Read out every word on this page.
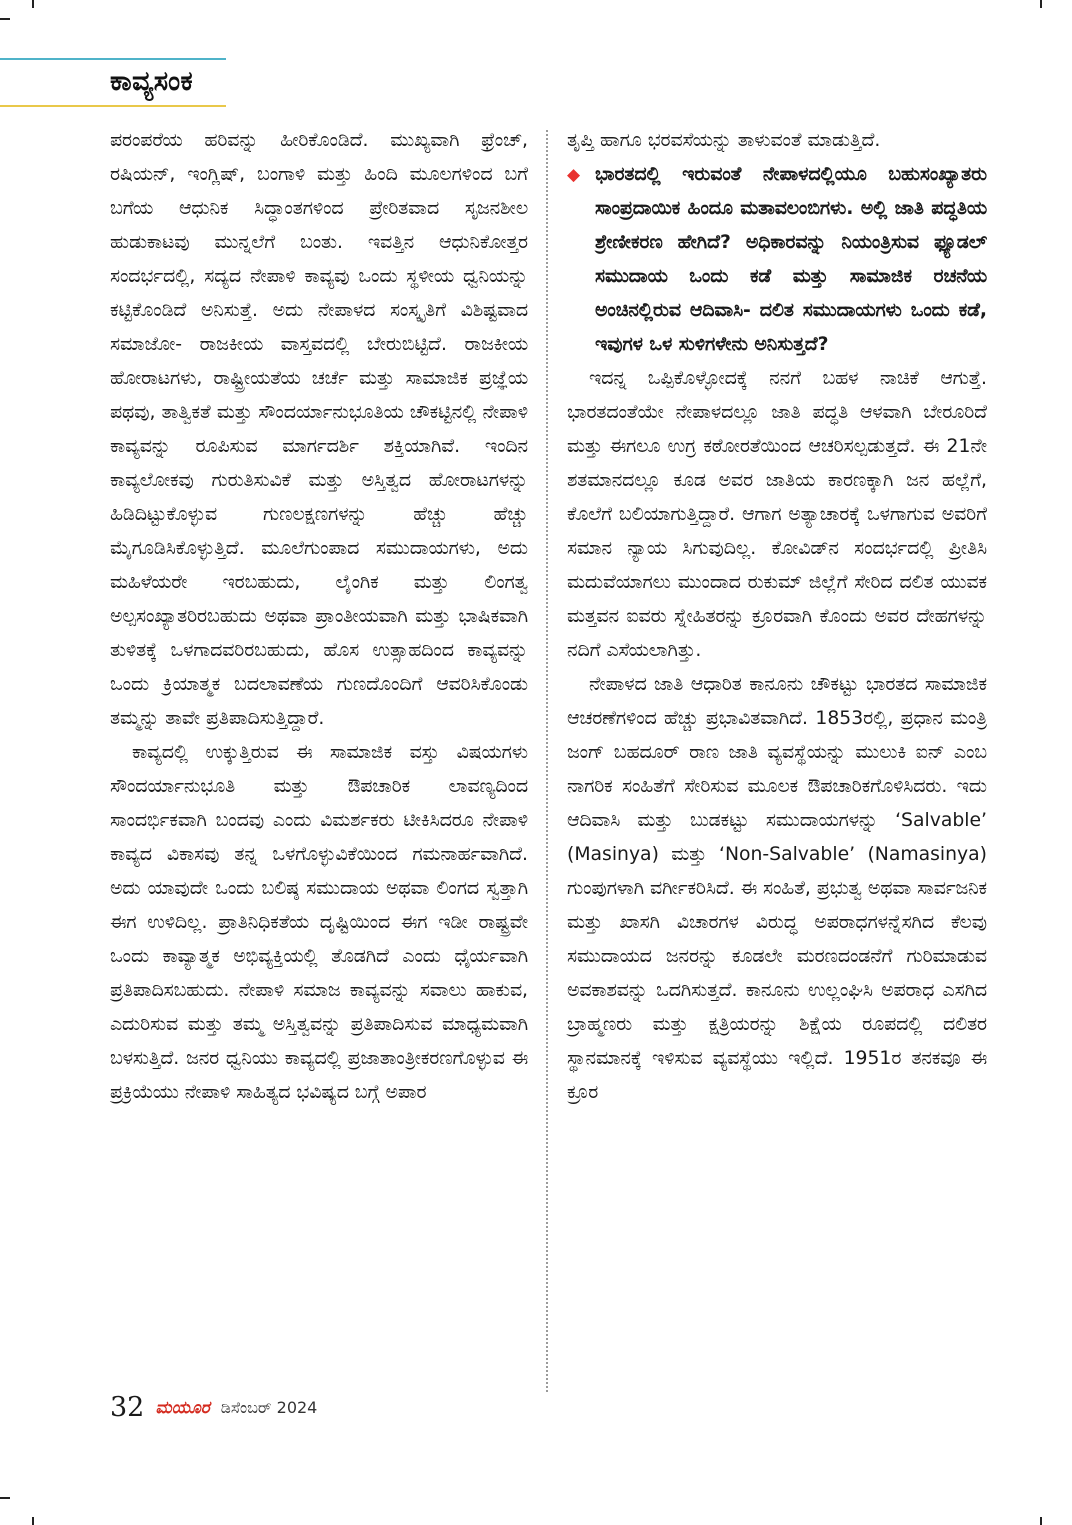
ಕಾವ್ಯಸಂಕ

ಪರಂಪರೆಯ ಹರಿವನ್ನು ಹೀರಿಕೊಂಡಿದೆ. ಮುಖ್ಯವಾಗಿ ಫ್ರೆಂಚ್, ರಷಿಯನ್, ಇಂಗ್ಲಿಷ್, ಬಂಗಾಳಿ ಮತ್ತು ಹಿಂದಿ ಮೂಲಗಳಿಂದ ಬಗೆ ಬಗೆಯ ಆಧುನಿಕ ಸಿದ್ಧಾಂತಗಳಿಂದ ಪ್ರೇರಿತವಾದ ಸೃಜನಶೀಲ ಹುಡುಕಾಟವು ಮುನ್ನಲೆಗೆ ಬಂತು. ಇವತ್ತಿನ ಆಧುನಿಕೋತ್ತರ ಸಂದರ್ಭದಲ್ಲಿ, ಸದ್ಯದ ನೇಪಾಳಿ ಕಾವ್ಯವು ಒಂದು ಸ್ಥಳೀಯ ಧ್ವನಿಯನ್ನು ಕಟ್ಟಿಕೊಂಡಿದೆ ಅನಿಸುತ್ತೆ. ಅದು ನೇಪಾಳದ ಸಂಸ್ಕೃತಿಗೆ ವಿಶಿಷ್ಟವಾದ ಸಮಾಜೋ- ರಾಜಕೀಯ ವಾಸ್ತವದಲ್ಲಿ ಬೇರುಬಿಟ್ಟಿದೆ. ರಾಜಕೀಯ ಹೋರಾಟಗಳು, ರಾಷ್ಟ್ರೀಯತೆಯ ಚರ್ಚೆ ಮತ್ತು ಸಾಮಾಜಿಕ ಪ್ರಜ್ಞೆಯ ಪಥವು, ತಾತ್ವಿಕತೆ ಮತ್ತು ಸೌಂದರ್ಯಾನುಭೂತಿಯ ಚೌಕಟ್ಟಿನಲ್ಲಿ ನೇಪಾಳಿ ಕಾವ್ಯವನ್ನು ರೂಪಿಸುವ ಮಾರ್ಗದರ್ಶಿ ಶಕ್ತಿಯಾಗಿವೆ. ಇಂದಿನ ಕಾವ್ಯಲೋಕವು ಗುರುತಿಸುವಿಕೆ ಮತ್ತು ಅಸ್ತಿತ್ವದ ಹೋರಾಟಗಳನ್ನು ಹಿಡಿದಿಟ್ಟುಕೊಳ್ಳುವ ಗುಣಲಕ್ಷಣಗಳನ್ನು ಹೆಚ್ಚು ಹೆಚ್ಚು ಮೈಗೂಡಿಸಿಕೊಳ್ಳುತ್ತಿದೆ. ಮೂಲೆಗುಂಪಾದ ಸಮುದಾಯಗಳು, ಅದು ಮಹಿಳೆಯರೇ ಇರಬಹುದು, ಲೈಂಗಿಕ ಮತ್ತು ಲಿಂಗತ್ವ ಅಲ್ಪಸಂಖ್ಯಾತರಿರಬಹುದು ಅಥವಾ ಪ್ರಾಂತೀಯವಾಗಿ ಮತ್ತು ಭಾಷಿಕವಾಗಿ ತುಳಿತಕ್ಕೆ ಒಳಗಾದವರಿರಬಹುದು, ಹೊಸ ಉತ್ಸಾಹದಿಂದ ಕಾವ್ಯವನ್ನು ಒಂದು ಕ್ರಿಯಾತ್ಮಕ ಬದಲಾವಣೆಯ ಗುಣದೊಂದಿಗೆ ಆವರಿಸಿಕೊಂಡು ತಮ್ಮನ್ನು ತಾವೇ ಪ್ರತಿಪಾದಿಸುತ್ತಿದ್ದಾರೆ.

ಕಾವ್ಯದಲ್ಲಿ ಉಕ್ಕುತ್ತಿರುವ ಈ ಸಾಮಾಜಿಕ ವಸ್ತು ವಿಷಯಗಳು ಸೌಂದರ್ಯಾನುಭೂತಿ ಮತ್ತು ಔಪಚಾರಿಕ ಲಾವಣ್ಯದಿಂದ ಸಾಂದರ್ಭಿಕವಾಗಿ ಬಂದವು ಎಂದು ವಿಮರ್ಶಕರು ಟೀಕಿಸಿದರೂ ನೇಪಾಳಿ ಕಾವ್ಯದ ವಿಕಾಸವು ತನ್ನ ಒಳಗೊಳ್ಳುವಿಕೆಯಿಂದ ಗಮನಾರ್ಹವಾಗಿದೆ. ಅದು ಯಾವುದೇ ಒಂದು ಬಲಿಷ್ಠ ಸಮುದಾಯ ಅಥವಾ ಲಿಂಗದ ಸ್ವತ್ತಾಗಿ ಈಗ ಉಳಿದಿಲ್ಲ. ಪ್ರಾತಿನಿಧಿಕತೆಯ ದೃಷ್ಟಿಯಿಂದ ಈಗ ಇಡೀ ರಾಷ್ಟ್ರವೇ ಒಂದು ಕಾವ್ಯಾತ್ಮಕ ಅಭಿವ್ಯಕ್ತಿಯಲ್ಲಿ ತೊಡಗಿದೆ ಎಂದು ಧೈರ್ಯವಾಗಿ ಪ್ರತಿಪಾದಿಸಬಹುದು. ನೇಪಾಳಿ ಸಮಾಜ ಕಾವ್ಯವನ್ನು ಸವಾಲು ಹಾಕುವ, ಎದುರಿಸುವ ಮತ್ತು ತಮ್ಮ ಅಸ್ತಿತ್ವವನ್ನು ಪ್ರತಿಪಾದಿಸುವ ಮಾಧ್ಯಮವಾಗಿ ಬಳಸುತ್ತಿದೆ. ಜನರ ಧ್ವನಿಯು ಕಾವ್ಯದಲ್ಲಿ ಪ್ರಜಾತಾಂತ್ರೀಕರಣಗೊಳ್ಳುವ ಈ ಪ್ರಕ್ರಿಯೆಯು ನೇಪಾಳಿ ಸಾಹಿತ್ಯದ ಭವಿಷ್ಯದ ಬಗ್ಗೆ ಅಪಾರ

ತೃಪ್ತಿ ಹಾಗೂ ಭರವಸೆಯನ್ನು ತಾಳುವಂತೆ ಮಾಡುತ್ತಿದೆ.

◆ ಭಾರತದಲ್ಲಿ ಇರುವಂತೆ ನೇಪಾಳದಲ್ಲಿಯೂ ಬಹುಸಂಖ್ಯಾತರು ಸಾಂಪ್ರದಾಯಿಕ ಹಿಂದೂ ಮತಾವಲಂಬಿಗಳು. ಅಲ್ಲಿ ಜಾತಿ ಪದ್ಧತಿಯ ಶ್ರೇಣೀಕರಣ ಹೇಗಿದೆ? ಅಧಿಕಾರವನ್ನು ನಿಯಂತ್ರಿಸುವ ಫ್ಯೂಡಲ್ ಸಮುದಾಯ ಒಂದು ಕಡೆ ಮತ್ತು ಸಾಮಾಜಿಕ ರಚನೆಯ ಅಂಚಿನಲ್ಲಿರುವ ಆದಿವಾಸಿ- ದಲಿತ ಸಮುದಾಯಗಳು ಒಂದು ಕಡೆ, ಇವುಗಳ ಒಳ ಸುಳಿಗಳೇನು ಅನಿಸುತ್ತದೆ?

ಇದನ್ನ ಒಪ್ಪಿಕೊಳ್ಳೋದಕ್ಕೆ ನನಗೆ ಬಹಳ ನಾಚಿಕೆ ಆಗುತ್ತೆ. ಭಾರತದಂತೆಯೇ ನೇಪಾಳದಲ್ಲೂ ಜಾತಿ ಪದ್ಧತಿ ಆಳವಾಗಿ ಬೇರೂರಿದೆ ಮತ್ತು ಈಗಲೂ ಉಗ್ರ ಕಠೋರತೆಯಿಂದ ಆಚರಿಸಲ್ಪಡುತ್ತದೆ. ಈ 21ನೇ ಶತಮಾನದಲ್ಲೂ ಕೂಡ ಅವರ ಜಾತಿಯ ಕಾರಣಕ್ಕಾಗಿ ಜನ ಹಲ್ಲೆಗೆ, ಕೊಲೆಗೆ ಬಲಿಯಾಗುತ್ತಿದ್ದಾರೆ. ಆಗಾಗ ಅತ್ಯಾಚಾರಕ್ಕೆ ಒಳಗಾಗುವ ಅವರಿಗೆ ಸಮಾನ ನ್ಯಾಯ ಸಿಗುವುದಿಲ್ಲ. ಕೋವಿಡ್‌ನ ಸಂದರ್ಭದಲ್ಲಿ ಪ್ರೀತಿಸಿ ಮದುವೆಯಾಗಲು ಮುಂದಾದ ರುಕುಮ್ ಜಿಲ್ಲೆಗೆ ಸೇರಿದ ದಲಿತ ಯುವಕ ಮತ್ತವನ ಐವರು ಸ್ನೇಹಿತರನ್ನು ಕ್ರೂರವಾಗಿ ಕೊಂದು ಅವರ ದೇಹಗಳನ್ನು ನದಿಗೆ ಎಸೆಯಲಾಗಿತ್ತು.

ನೇಪಾಳದ ಜಾತಿ ಆಧಾರಿತ ಕಾನೂನು ಚೌಕಟ್ಟು ಭಾರತದ ಸಾಮಾಜಿಕ ಆಚರಣೆಗಳಿಂದ ಹೆಚ್ಚು ಪ್ರಭಾವಿತವಾಗಿದೆ. 1853ರಲ್ಲಿ, ಪ್ರಧಾನ ಮಂತ್ರಿ ಜಂಗ್ ಬಹದೂರ್ ರಾಣ ಜಾತಿ ವ್ಯವಸ್ಥೆಯನ್ನು ಮುಲುಕಿ ಐನ್ ಎಂಬ ನಾಗರಿಕ ಸಂಹಿತೆಗೆ ಸೇರಿಸುವ ಮೂಲಕ ಔಪಚಾರಿಕಗೊಳಿಸಿದರು. ಇದು ಆದಿವಾಸಿ ಮತ್ತು ಬುಡಕಟ್ಟು ಸಮುದಾಯಗಳನ್ನು ‘Salvable’ (Masinya) ಮತ್ತು ‘Non-Salvable’ (Namasinya) ಗುಂಪುಗಳಾಗಿ ವರ್ಗೀಕರಿಸಿದೆ. ಈ ಸಂಹಿತೆ, ಪ್ರಭುತ್ವ ಅಥವಾ ಸಾರ್ವಜನಿಕ ಮತ್ತು ಖಾಸಗಿ ವಿಚಾರಗಳ ವಿರುದ್ಧ ಅಪರಾಧಗಳನ್ನೆಸಗಿದ ಕೆಲವು ಸಮುದಾಯದ ಜನರನ್ನು ಕೂಡಲೇ ಮರಣದಂಡನೆಗೆ ಗುರಿಮಾಡುವ ಅವಕಾಶವನ್ನು ಒದಗಿಸುತ್ತದೆ. ಕಾನೂನು ಉಲ್ಲಂಘಿಸಿ ಅಪರಾಧ ಎಸಗಿದ ಬ್ರಾಹ್ಮಣರು ಮತ್ತು ಕ್ಷತ್ರಿಯರನ್ನು ಶಿಕ್ಷೆಯ ರೂಪದಲ್ಲಿ ದಲಿತರ ಸ್ಥಾನಮಾನಕ್ಕೆ ಇಳಿಸುವ ವ್ಯವಸ್ಥೆಯು ಇಲ್ಲಿದೆ. 1951ರ ತನಕವೂ ಈ ಕ್ರೂರ

32 ಮಯೂರ ಡಿಸೆಂಬರ್ 2024
